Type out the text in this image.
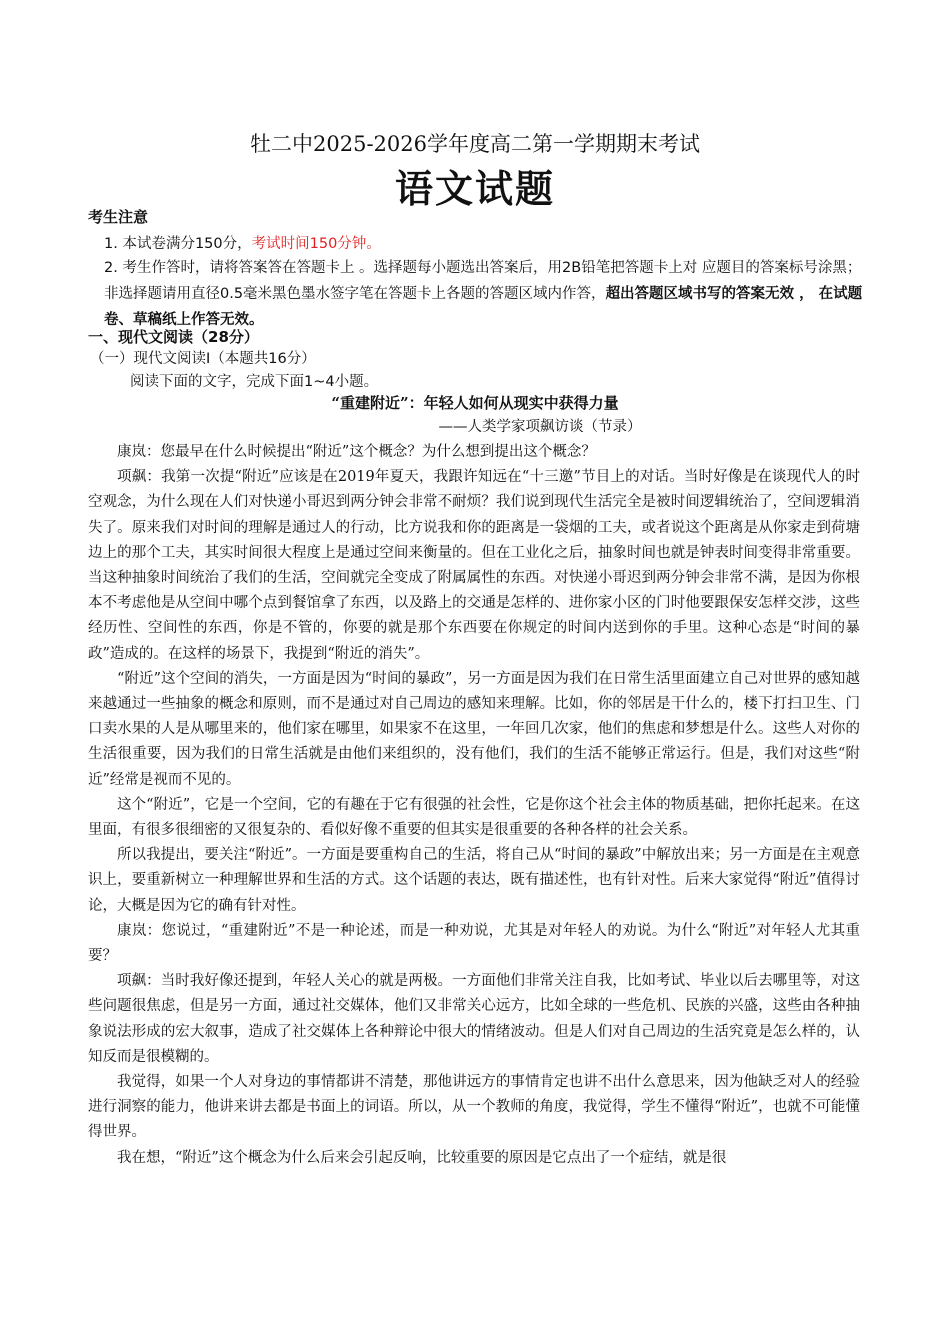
牡二中2025-2026学年度高二第一学期期末考试
语文试题
考生注意
1. 本试卷满分150分，考试时间150分钟。
2. 考生作答时，请将答案答在答题卡上 。选择题每小题选出答案后，用2B铅笔把答题卡上对 应题目的答案标号涂黑；非选择题请用直径0.5毫米黑色墨水签字笔在答题卡上各题的答题区域内作答，超出答题区域书写的答案无效 ， 在试题卷、草稿纸上作答无效。
一、现代文阅读（28分）
（一）现代文阅读Ⅰ（本题共16分）
阅读下面的文字，完成下面1~4小题。
“重建附近”：年轻人如何从现实中获得力量
——人类学家项飙访谈（节录）

康岚：您最早在什么时候提出“附近”这个概念？为什么想到提出这个概念？

项飙：我第一次提“附近”应该是在2019年夏天，我跟许知远在“十三邀”节目上的对话。当时好像是在谈现代人的时空观念，为什么现在人们对快递小哥迟到两分钟会非常不耐烦？我们说到现代生活完全是被时间逻辑统治了，空间逻辑消失了。原来我们对时间的理解是通过人的行动，比方说我和你的距离是一袋烟的工夫，或者说这个距离是从你家走到荷塘边上的那个工夫，其实时间很大程度上是通过空间来衡量的。但在工业化之后，抽象时间也就是钟表时间变得非常重要。当这种抽象时间统治了我们的生活，空间就完全变成了附属属性的东西。对快递小哥迟到两分钟会非常不满，是因为你根本不考虑他是从空间中哪个点到餐馆拿了东西，以及路上的交通是怎样的、进你家小区的门时他要跟保安怎样交涉，这些经历性、空间性的东西，你是不管的，你要的就是那个东西要在你规定的时间内送到你的手里。这种心态是“时间的暴政”造成的。在这样的场景下，我提到“附近的消失”。

“附近”这个空间的消失，一方面是因为“时间的暴政”，另一方面是因为我们在日常生活里面建立自己对世界的感知越来越通过一些抽象的概念和原则，而不是通过对自己周边的感知来理解。比如，你的邻居是干什么的，楼下打扫卫生、门口卖水果的人是从哪里来的，他们家在哪里，如果家不在这里，一年回几次家，他们的焦虑和梦想是什么。这些人对你的生活很重要，因为我们的日常生活就是由他们来组织的，没有他们，我们的生活不能够正常运行。但是，我们对这些“附近”经常是视而不见的。

这个“附近”，它是一个空间，它的有趣在于它有很强的社会性，它是你这个社会主体的物质基础，把你托起来。在这里面，有很多很细密的又很复杂的、看似好像不重要的但其实是很重要的各种各样的社会关系。

所以我提出，要关注“附近”。一方面是要重构自己的生活，将自己从“时间的暴政”中解放出来；另一方面是在主观意识上，要重新树立一种理解世界和生活的方式。这个话题的表达，既有描述性，也有针对性。后来大家觉得“附近”值得讨论，大概是因为它的确有针对性。

康岚：您说过，“重建附近”不是一种论述，而是一种劝说，尤其是对年轻人的劝说。为什么“附近”对年轻人尤其重要？

项飙：当时我好像还提到，年轻人关心的就是两极。一方面他们非常关注自我，比如考试、毕业以后去哪里等，对这些问题很焦虑，但是另一方面，通过社交媒体，他们又非常关心远方，比如全球的一些危机、民族的兴盛，这些由各种抽象说法形成的宏大叙事，造成了社交媒体上各种辩论中很大的情绪波动。但是人们对自己周边的生活究竟是怎么样的，认知反而是很模糊的。

我觉得，如果一个人对身边的事情都讲不清楚，那他讲远方的事情肯定也讲不出什么意思来，因为他缺乏对人的经验进行洞察的能力，他讲来讲去都是书面上的词语。所以，从一个教师的角度，我觉得，学生不懂得“附近”，也就不可能懂得世界。

我在想，“附近”这个概念为什么后来会引起反响，比较重要的原因是它点出了一个症结，就是很
